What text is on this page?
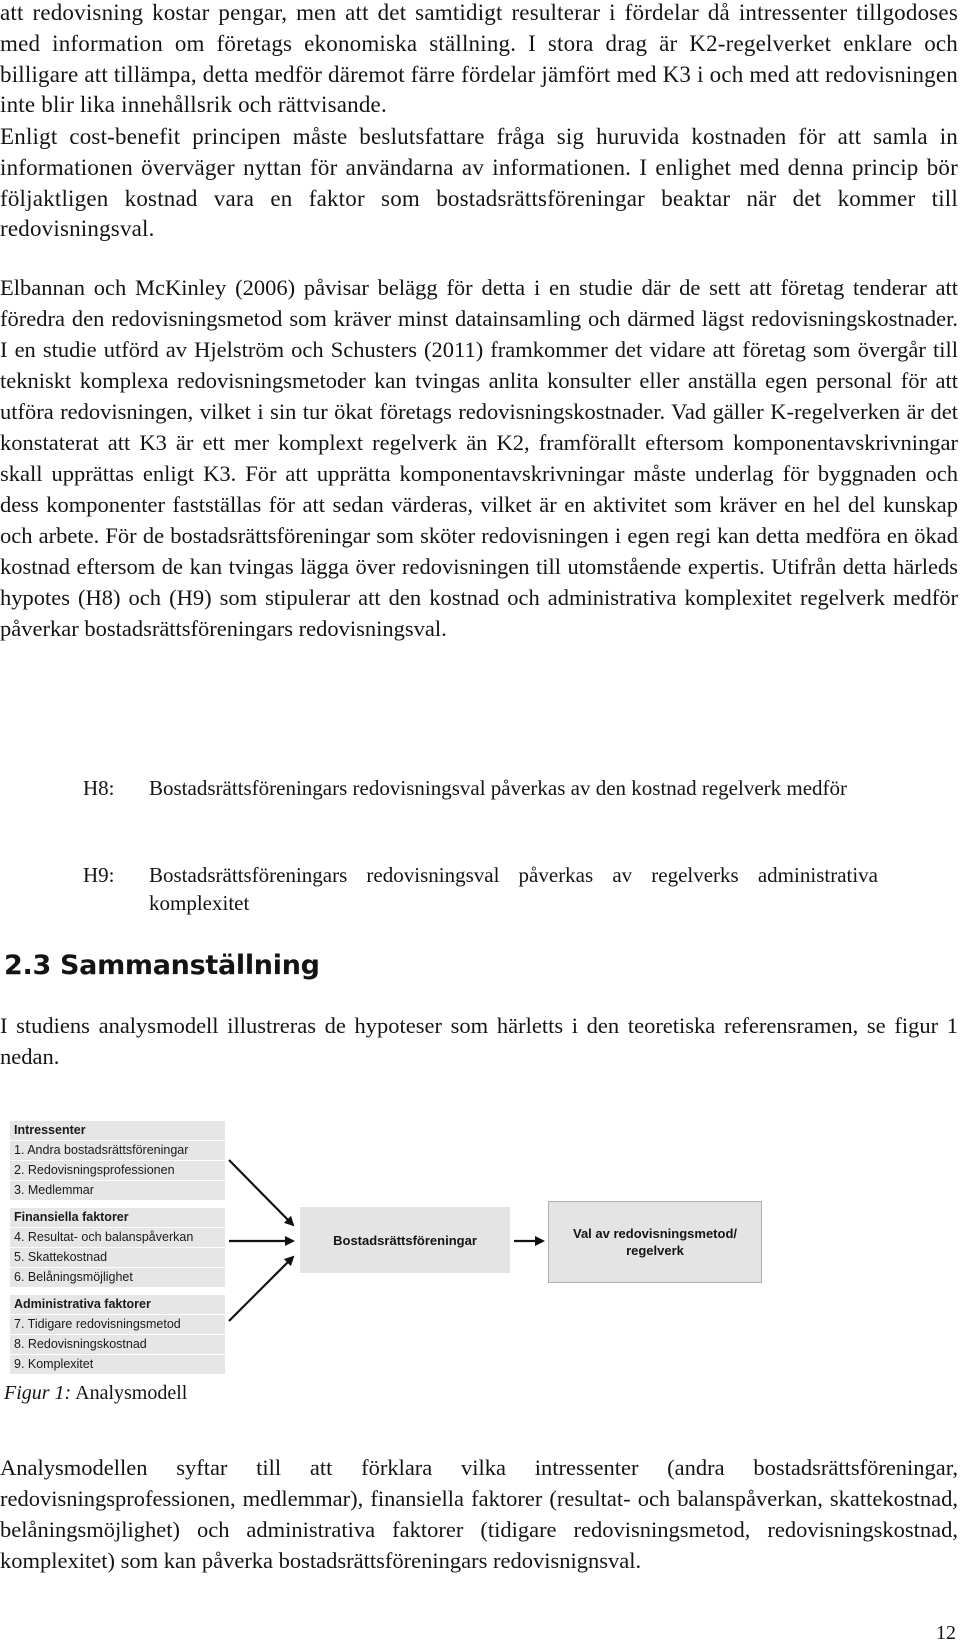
att redovisning kostar pengar, men att det samtidigt resulterar i fördelar då intressenter tillgodoses med information om företags ekonomiska ställning. I stora drag är K2-regelverket enklare och billigare att tillämpa, detta medför däremot färre fördelar jämfört med K3 i och med att redovisningen inte blir lika innehållsrik och rättvisande.

Enligt cost-benefit principen måste beslutsfattare fråga sig huruvida kostnaden för att samla in informationen överväger nyttan för användarna av informationen. I enlighet med denna princip bör följaktligen kostnad vara en faktor som bostadsrättsföreningar beaktar när det kommer till redovisningsval.

Elbannan och McKinley (2006) påvisar belägg för detta i en studie där de sett att företag tenderar att föredra den redovisningsmetod som kräver minst datainsamling och därmed lägst redovisningskostnader. I en studie utförd av Hjelström och Schusters (2011) framkommer det vidare att företag som övergår till tekniskt komplexa redovisningsmetoder kan tvingas anlita konsulter eller anställa egen personal för att utföra redovisningen, vilket i sin tur ökat företags redovisningskostnader. Vad gäller K-regelverken är det konstaterat att K3 är ett mer komplext regelverk än K2, framförallt eftersom komponentavskrivningar skall upprättas enligt K3. För att upprätta komponentavskrivningar måste underlag för byggnaden och dess komponenter fastställas för att sedan värderas, vilket är en aktivitet som kräver en hel del kunskap och arbete. För de bostadsrättsföreningar som sköter redovisningen i egen regi kan detta medföra en ökad kostnad eftersom de kan tvingas lägga över redovisningen till utomstående expertis. Utifrån detta härleds hypotes (H8) och (H9) som stipulerar att den kostnad och administrativa komplexitet regelverk medför påverkar bostadsrättsföreningars redovisningsval.

H8: Bostadsrättsföreningars redovisningsval påverkas av den kostnad regelverk medför
H9: Bostadsrättsföreningars redovisningsval påverkas av regelverks administrativa komplexitet
2.3 Sammanställning

I studiens analysmodell illustreras de hypoteser som härletts i den teoretiska referensramen, se figur 1 nedan.

Intressenter
1. Andra bostadsrättsföreningar
2. Redovisningsprofessionen
3. Medlemmar
Finansiella faktorer
4. Resultat- och balanspåverkan
5. Skattekostnad
6. Belåningsmöjlighet
Administrativa faktorer
7. Tidigare redovisningsmetod
8. Redovisningskostnad
9. Komplexitet
Bostadsrättsföreningar	Val av redovisningsmetod/ regelverk
Figur 1: Analysmodell

Analysmodellen syftar till att förklara vilka intressenter (andra bostadsrättsföreningar, redovisningsprofessionen, medlemmar), finansiella faktorer (resultat- och balanspåverkan, skattekostnad, belåningsmöjlighet) och administrativa faktorer (tidigare redovisningsmetod, redovisningskostnad, komplexitet) som kan påverka bostadsrättsföreningars redovisnignsval.

12
